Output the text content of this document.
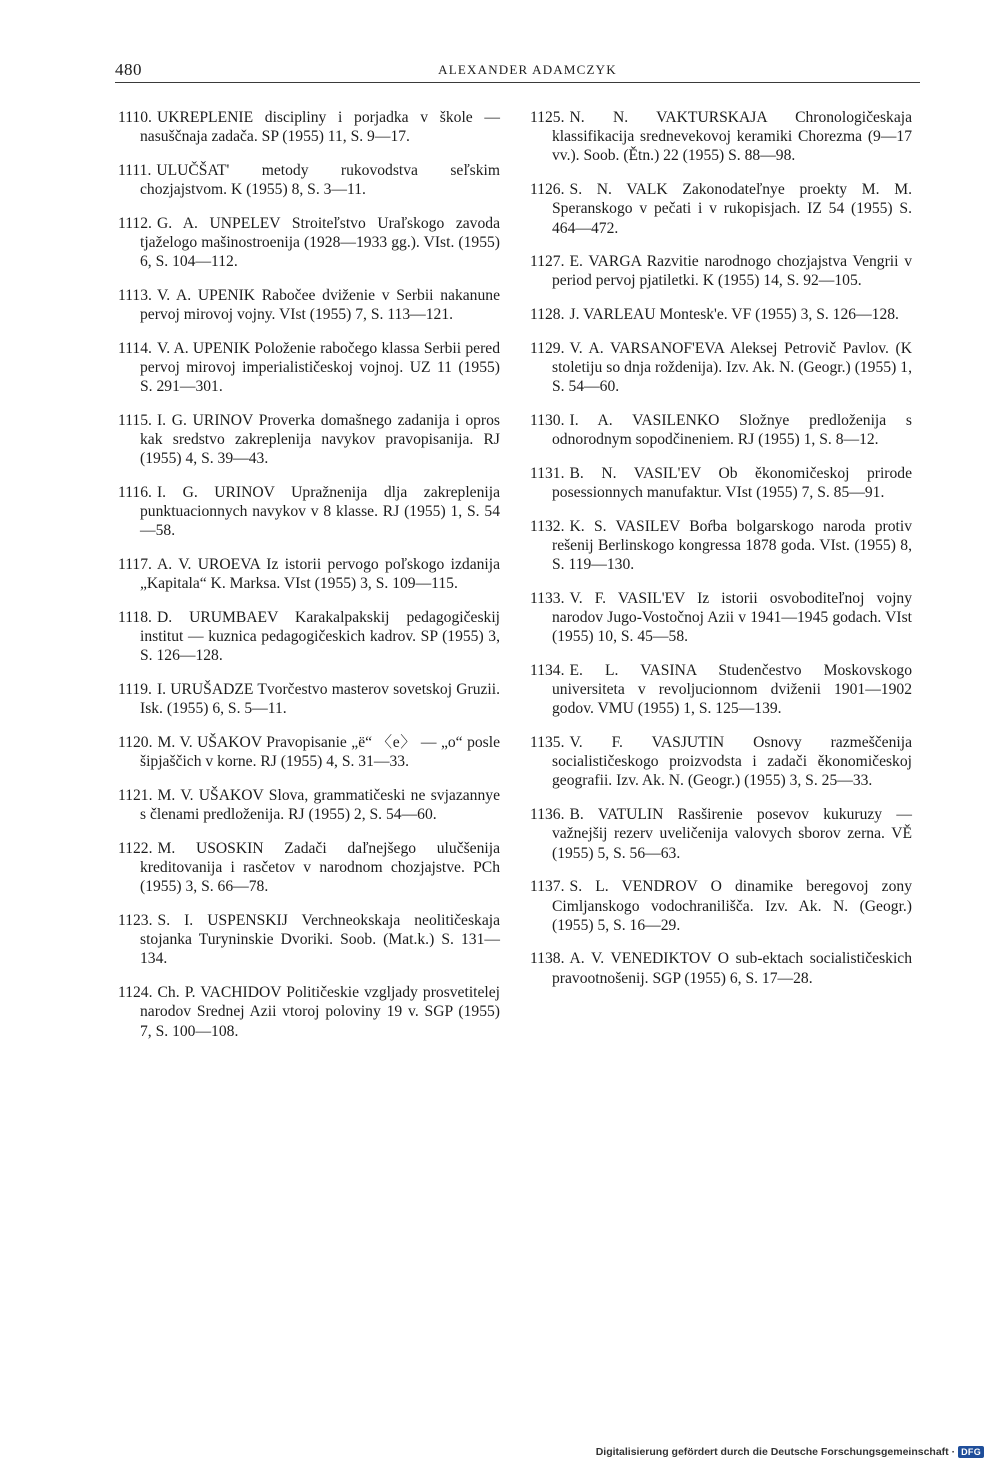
480	ALEXANDER ADAMCZYK

1110. UKREPLENIE discipliny i porjadka v škole — nasuščnaja zadača. SP (1955) 11, S. 9—17.

1111. ULUČŠAT' metody rukovodstva seľskim chozjajstvom. K (1955) 8, S. 3—11.

1112. G. A. UNPELEV Stroiteľstvo Uraľskogo zavoda tjaželogo mašinostroenija (1928—1933 gg.). VIst. (1955) 6, S. 104—112.

1113. V. A. UPENIK Rabočee dviženie v Serbii nakanune pervoj mirovoj vojny. VIst (1955) 7, S. 113—121.

1114. V. A. UPENIK Položenie rabočego klassa Serbii pered pervoj mirovoj imperialističeskoj vojnoj. UZ 11 (1955) S. 291—301.

1115. I. G. URINOV Proverka domašnego zadanija i opros kak sredstvo zakreplenija navykov pravopisanija. RJ (1955) 4, S. 39—43.

1116. I. G. URINOV Upražnenija dlja zakreplenija punktuacionnych navykov v 8 klasse. RJ (1955) 1, S. 54—58.

1117. A. V. UROEVA Iz istorii pervogo poľskogo izdanija „Kapitala“ K. Marksa. VIst (1955) 3, S. 109—115.

1118. D. URUMBAEV Karakalpakskij pedagogičeskij institut — kuznica pedagogičeskich kadrov. SP (1955) 3, S. 126—128.

1119. I. URUŠADZE Tvorčestvo masterov sovetskoj Gruzii. Isk. (1955) 6, S. 5—11.

1120. M. V. UŠAKOV Pravopisanie „ë“ 〈e〉 — „o“ posle šipjaščich v korne. RJ (1955) 4, S. 31—33.

1121. M. V. UŠAKOV Slova, grammatičeski ne svjazannye s členami predloženija. RJ (1955) 2, S. 54—60.

1122. M. USOSKIN Zadači daľnejšego ulučšenija kreditovanija i rasčetov v narodnom chozjajstve. PCh (1955) 3, S. 66—78.

1123. S. I. USPENSKIJ Verchneokskaja neolitičeskaja stojanka Turyninskie Dvoriki. Soob. (Mat.k.) S. 131—134.

1124. Ch. P. VACHIDOV Političeskie vzgljady prosvetitelej narodov Srednej Azii vtoroj poloviny 19 v. SGP (1955) 7, S. 100—108.

1125. N. N. VAKTURSKAJA Chronologičeskaja klassifikacija srednevekovoj keramiki Chorezma (9—17 vv.). Soob. (Ětn.) 22 (1955) S. 88—98.

1126. S. N. VALK Zakonodateľnye proekty M. M. Speranskogo v pečati i v rukopisjach. IZ 54 (1955) S. 464—472.

1127. E. VARGA Razvitie narodnogo chozjajstva Vengrii v period pervoj pjatiletki. K (1955) 14, S. 92—105.

1128. J. VARLEAU Montesk'e. VF (1955) 3, S. 126—128.

1129. V. A. VARSANOF'EVA Aleksej Petrovič Pavlov. (K stoletiju so dnja roždenija). Izv. Ak. N. (Geogr.) (1955) 1, S. 54—60.

1130. I. A. VASILENKO Složnye predloženija s odnorodnym sopodčineniem. RJ (1955) 1, S. 8—12.

1131. B. N. VASIL'EV Ob ěkonomičeskoj prirode posessionnych manufaktur. VIst (1955) 7, S. 85—91.

1132. K. S. VASILEV Boŕba bolgarskogo naroda protiv rešenij Berlinskogo kongressa 1878 goda. VIst. (1955) 8, S. 119—130.

1133. V. F. VASIL'EV Iz istorii osvoboditeľnoj vojny narodov Jugo-Vostočnoj Azii v 1941—1945 godach. VIst (1955) 10, S. 45—58.

1134. E. L. VASINA Studenčestvo Moskovskogo universiteta v revoljucionnom dviženii 1901—1902 godov. VMU (1955) 1, S. 125—139.

1135. V. F. VASJUTIN Osnovy razmeščenija socialističeskogo proizvodsta i zadači ěkonomičeskoj geografii. Izv. Ak. N. (Geogr.) (1955) 3, S. 25—33.

1136. B. VATULIN Rasširenie posevov kukuruzy — važnejšij rezerv uveličenija valovych sborov zerna. VĚ (1955) 5, S. 56—63.

1137. S. L. VENDROV O dinamike beregovoj zony Cimljanskogo vodochranilišča. Izv. Ak. N. (Geogr.) (1955) 5, S. 16—29.

1138. A. V. VENEDIKTOV O sub-ektach socialističeskich pravootnošenij. SGP (1955) 6, S. 17—28.

Digitalisierung gefördert durch die Deutsche Forschungsgemeinschaft · DFG
